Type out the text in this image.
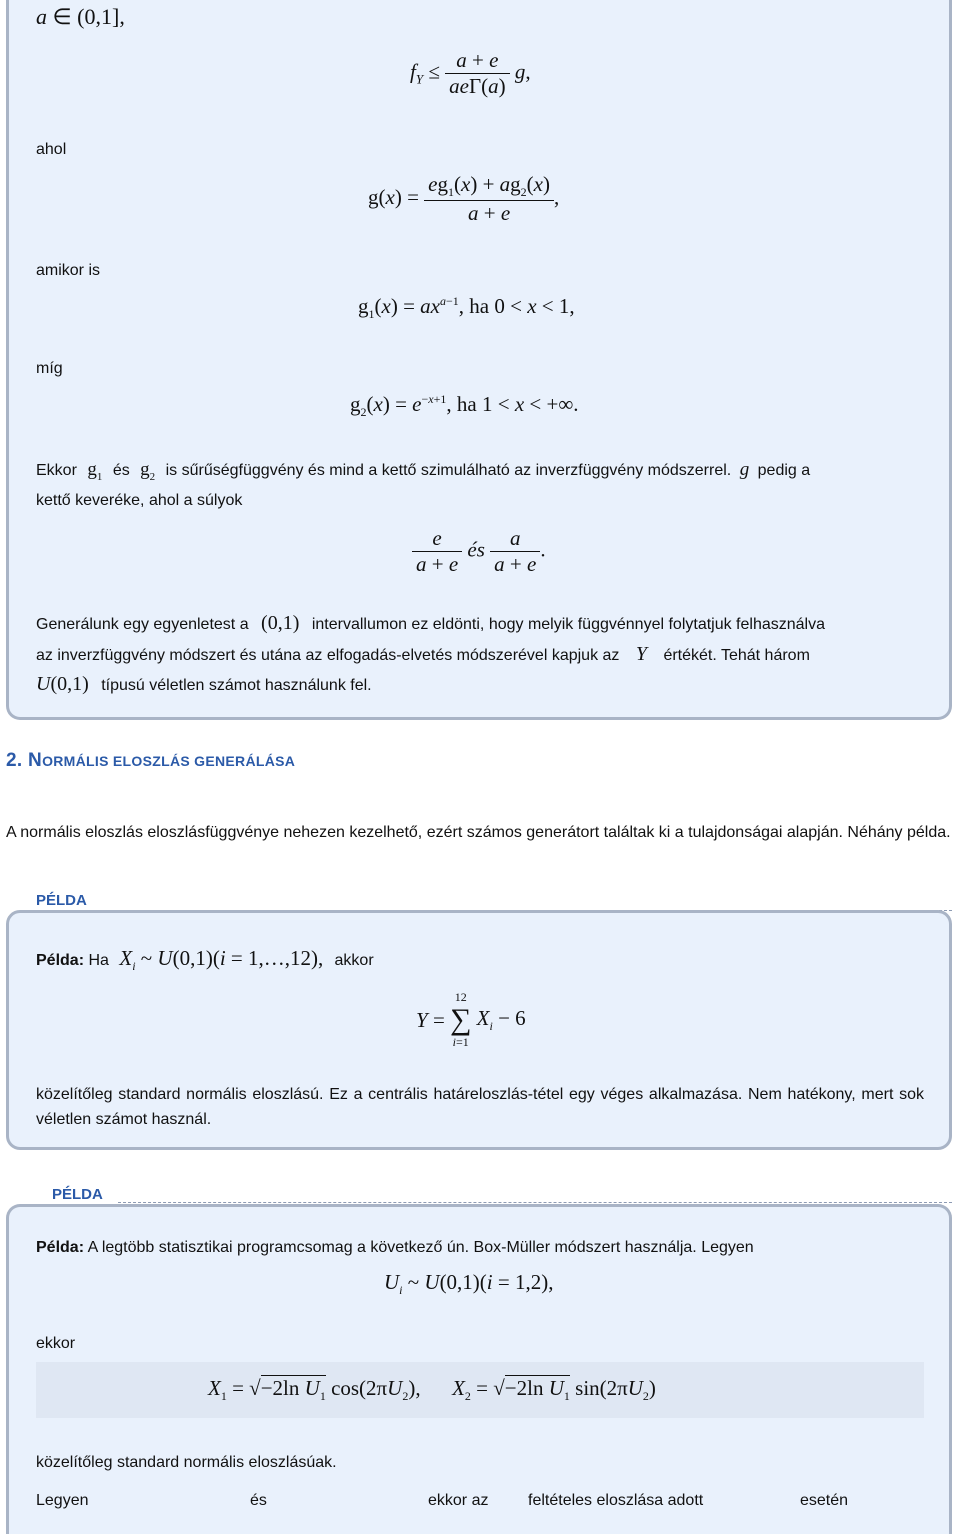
a ∈ (0,1],
$f_Y \le \frac{a + e}{\text{aeΓ(a)}} g$,
ahol
$g(x) = \frac{eg_1(x) + ag_2(x)}{a + e}$ ,
amikor is
$g_1(x) = ax^{a-1}$, ha 0 < x < 1,
míg
$g_2(x) = e^{-x+1}$, ha 1 < x < +∞.
Ekkor $g_1$ és $g_2$ is sűrűségfüggvény és mind a kettő szimulálható az inverzfüggvény módszerrel. g pedig a
kettő keveréke, ahol a súlyok
$\frac{e}{a + e}$ és $\frac{a}{a + e}$ .
Generálunk egy egyenletest a (0,1) intervallumon ez eldönti, hogy melyik függvénnyel folytatjuk felhasználva
az inverzfüggvény módszert és utána az elfogadás-elvetés módszerével kapjuk az Y értékét. Tehát három
U(0,1) típusú véletlen számot használunk fel.
2. NORMÁLIS ELOSZLÁS GENERÁLÁSA
A normális eloszlás eloszlásfüggvénye nehezen kezelhető, ezért számos generátort találtak ki a tulajdonságai alapján. Néhány példa.
PÉLDA
Példa: Ha $X_i$ ~ U(0,1)(i = 1,…,12), akkor
Y =
12
∑
i=1
$X_i - 6$
közelítőleg standard normális eloszlású. Ez a centrális határeloszlás-tétel egy véges alkalmazása. Nem hatékony, mert sok véletlen számot használ.
PÉLDA
Példa: A legtöbb statisztikai programcsomag a következő ún. Box-Müller módszert használja. Legyen
$U_i$ ~ U(0,1)(i = 1,2),
ekkor
$X_1 = √-2\ln$ $U_1$ $\cos(2\pi U_2)$,      $X_2 = √-2\ln$ $U_1$ $\sin(2\pi U_2)$
közelítőleg standard normális eloszlásúak.
Legyen	és	ekkor az feltételes eloszlása adott	esetén
